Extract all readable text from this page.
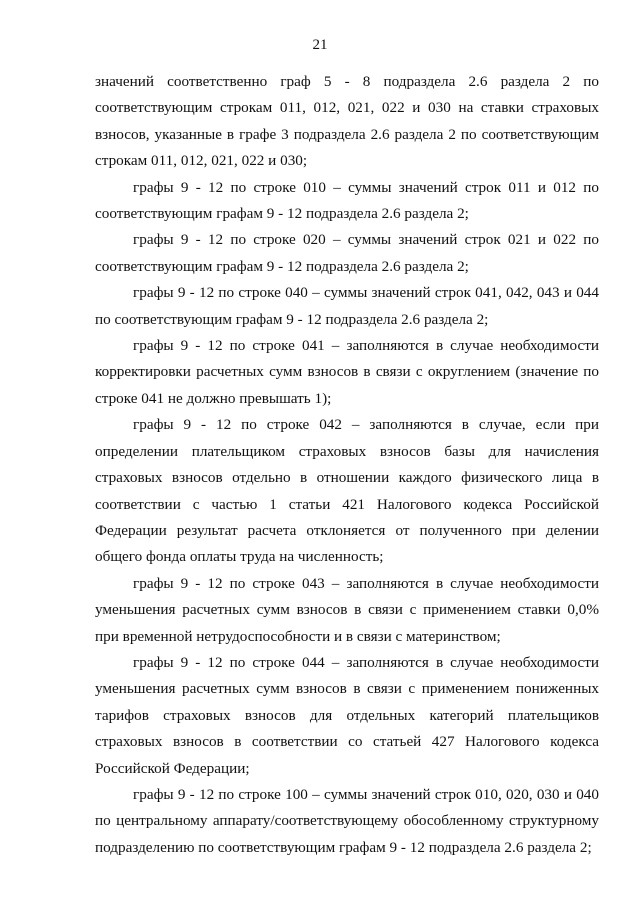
21

значений соответственно граф 5 - 8 подраздела 2.6 раздела 2 по соответствующим строкам 011, 012, 021, 022 и 030 на ставки страховых взносов, указанные в графе 3 подраздела 2.6 раздела 2 по соответствующим строкам 011, 012, 021, 022 и 030;

графы 9 - 12 по строке 010 – суммы значений строк 011 и 012 по соответствующим графам 9 - 12 подраздела 2.6 раздела 2;

графы 9 - 12 по строке 020 – суммы значений строк 021 и 022 по соответствующим графам 9 - 12 подраздела 2.6 раздела 2;

графы 9 - 12 по строке 040 – суммы значений строк 041, 042, 043 и 044 по соответствующим графам 9 - 12 подраздела 2.6 раздела 2;

графы 9 - 12 по строке 041 – заполняются в случае необходимости корректировки расчетных сумм взносов в связи с округлением (значение по строке 041 не должно превышать 1);

графы 9 - 12 по строке 042 – заполняются в случае, если при определении плательщиком страховых взносов базы для начисления страховых взносов отдельно в отношении каждого физического лица в соответствии с частью 1 статьи 421 Налогового кодекса Российской Федерации результат расчета отклоняется от полученного при делении общего фонда оплаты труда на численность;

графы 9 - 12 по строке 043 – заполняются в случае необходимости уменьшения расчетных сумм взносов в связи с применением ставки 0,0% при временной нетрудоспособности и в связи с материнством;

графы 9 - 12 по строке 044 – заполняются в случае необходимости уменьшения расчетных сумм взносов в связи с применением пониженных тарифов страховых взносов для отдельных категорий плательщиков страховых взносов в соответствии со статьей 427 Налогового кодекса Российской Федерации;

графы 9 - 12 по строке 100 – суммы значений строк 010, 020, 030 и 040 по центральному аппарату/соответствующему обособленному структурному подразделению по соответствующим графам 9 - 12 подраздела 2.6 раздела 2;
